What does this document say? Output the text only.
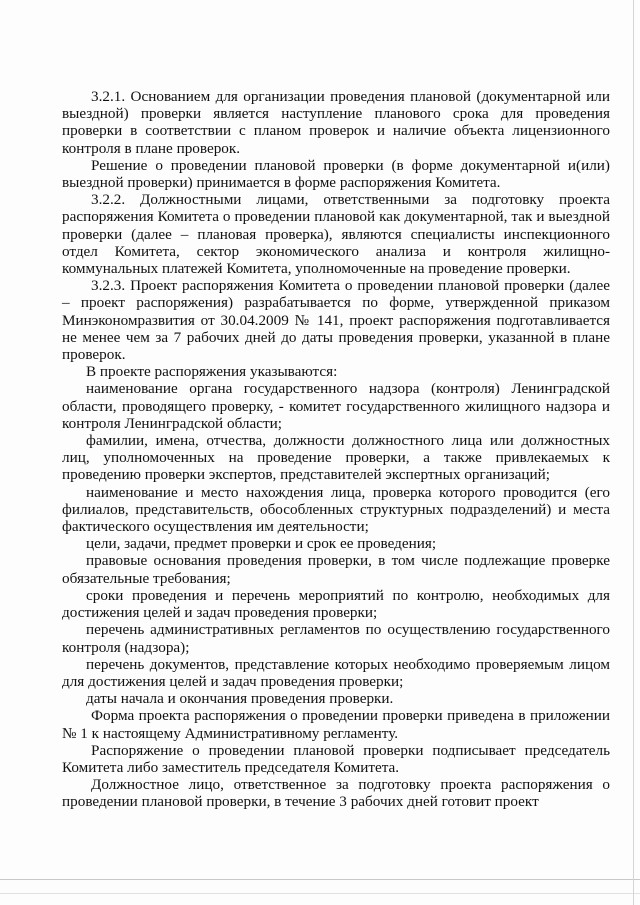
3.2.1. Основанием для организации проведения плановой (документарной или выездной) проверки является наступление планового срока для проведения проверки в соответствии с планом проверок и наличие объекта лицензионного контроля в плане проверок.

Решение о проведении плановой проверки (в форме документарной и(или) выездной проверки) принимается в форме распоряжения Комитета.

3.2.2. Должностными лицами, ответственными за подготовку проекта распоряжения Комитета о проведении плановой как документарной, так и выездной проверки (далее – плановая проверка), являются специалисты инспекционного отдел Комитета, сектор экономического анализа и контроля жилищно-коммунальных платежей Комитета, уполномоченные на проведение проверки.

3.2.3. Проект распоряжения Комитета о проведении плановой проверки (далее – проект распоряжения) разрабатывается по форме, утвержденной приказом Минэкономразвития от 30.04.2009 № 141, проект распоряжения подготавливается не менее чем за 7 рабочих дней до даты проведения проверки, указанной в плане проверок.

В проекте распоряжения указываются:

наименование органа государственного надзора (контроля) Ленинградской области, проводящего проверку, - комитет государственного жилищного надзора и контроля Ленинградской области;

фамилии, имена, отчества, должности должностного лица или должностных лиц, уполномоченных на проведение проверки, а также привлекаемых к проведению проверки экспертов, представителей экспертных организаций;

наименование и место нахождения лица, проверка которого проводится (его филиалов, представительств, обособленных структурных подразделений) и места фактического осуществления им деятельности;

цели, задачи, предмет проверки и срок ее проведения;

правовые основания проведения проверки, в том числе подлежащие проверке обязательные требования;

сроки проведения и перечень мероприятий по контролю, необходимых для достижения целей и задач проведения проверки;

перечень административных регламентов по осуществлению государственного контроля (надзора);

перечень документов, представление которых необходимо проверяемым лицом для достижения целей и задач проведения проверки;

даты начала и окончания проведения проверки.

Форма проекта распоряжения о проведении проверки приведена в приложении № 1 к настоящему Административному регламенту.

Распоряжение о проведении плановой проверки подписывает председатель Комитета либо заместитель председателя Комитета.

Должностное лицо, ответственное за подготовку проекта распоряжения о проведении плановой проверки, в течение 3 рабочих дней готовит проект
